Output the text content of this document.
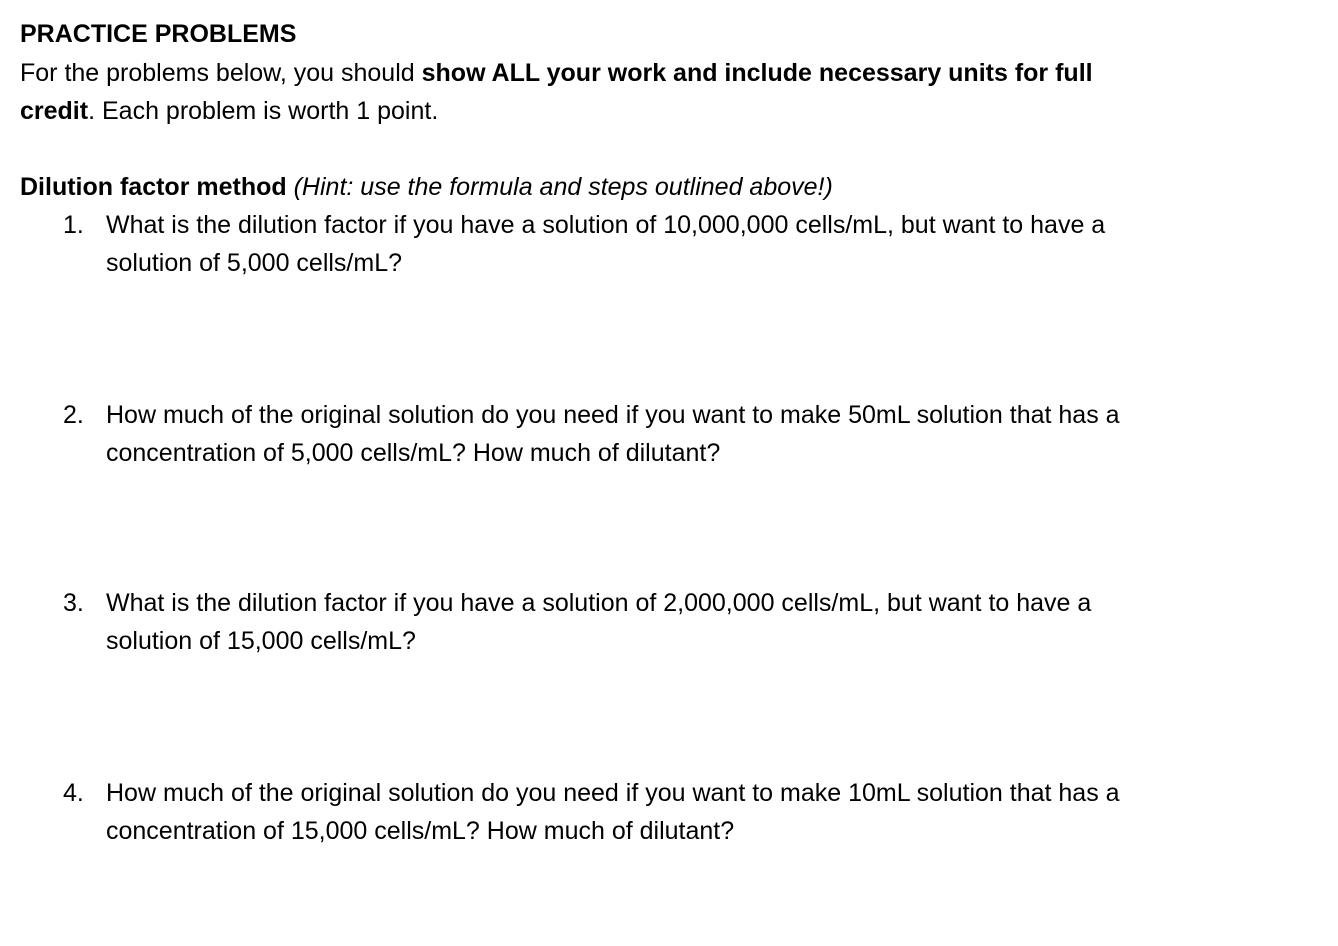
PRACTICE PROBLEMS
For the problems below, you should show ALL your work and include necessary units for full
credit. Each problem is worth 1 point.
Dilution factor method (Hint: use the formula and steps outlined above!)
1. What is the dilution factor if you have a solution of 10,000,000 cells/mL, but want to have a
solution of 5,000 cells/mL?
2. How much of the original solution do you need if you want to make 50mL solution that has a
concentration of 5,000 cells/mL? How much of dilutant?
3. What is the dilution factor if you have a solution of 2,000,000 cells/mL, but want to have a
solution of 15,000 cells/mL?
4. How much of the original solution do you need if you want to make 10mL solution that has a
concentration of 15,000 cells/mL? How much of dilutant?
